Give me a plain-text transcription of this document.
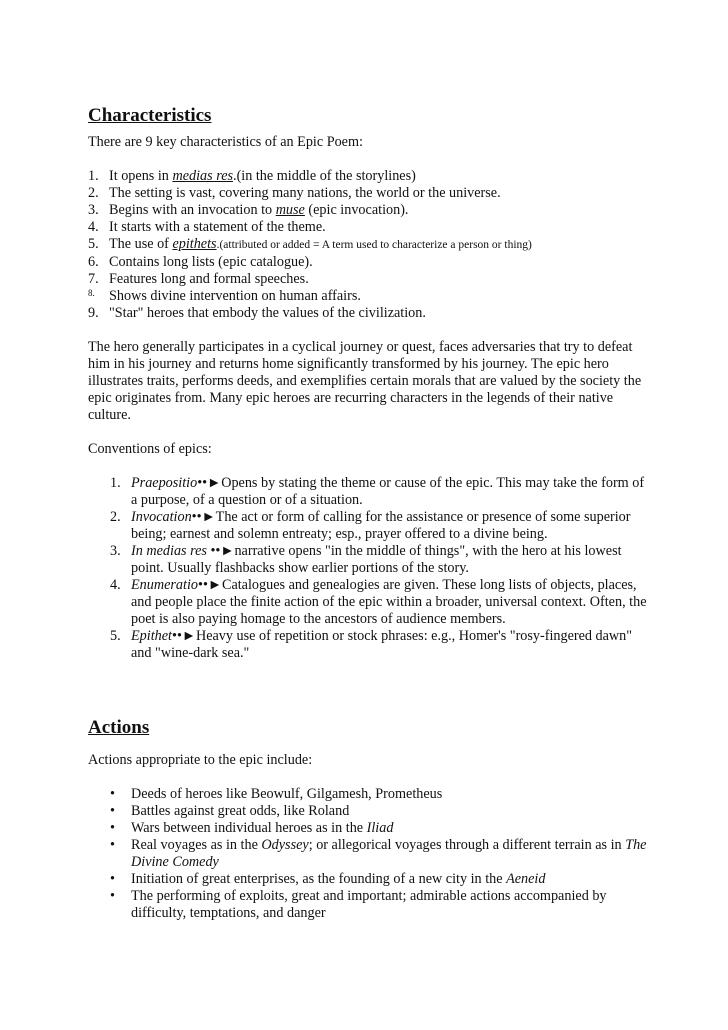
Characteristics

There are 9 key characteristics of an Epic Poem:

1. It opens in medias res.(in the middle of the storylines)
2. The setting is vast, covering many nations, the world or the universe.
3. Begins with an invocation to muse (epic invocation).
4. It starts with a statement of the theme.
5. The use of epithets.(attributed or added = A term used to characterize a person or thing)
6. Contains long lists (epic catalogue).
7. Features long and formal speeches.
8.	Shows divine intervention on human affairs.
9. "Star" heroes that embody the values of the civilization.

The hero generally participates in a cyclical journey or quest, faces adversaries that try to defeat him in his journey and returns home significantly transformed by his journey. The epic hero illustrates traits, performs deeds, and exemplifies certain morals that are valued by the society the epic originates from. Many epic heroes are recurring characters in the legends of their native culture.

Conventions of epics:

1. Praepositio••►Opens by stating the theme or cause of the epic. This may take the form of a purpose, of a question or of a situation.
2. Invocation••►The act or form of calling for the assistance or presence of some superior being; earnest and solemn entreaty; esp., prayer offered to a divine being.
3. In medias res ••►narrative opens "in the middle of things", with the hero at his lowest point. Usually flashbacks show earlier portions of the story.
4. Enumeratio••►Catalogues and genealogies are given. These long lists of objects, places, and people place the finite action of the epic within a broader, universal context. Often, the poet is also paying homage to the ancestors of audience members.
5. Epithet••►Heavy use of repetition or stock phrases: e.g., Homer's "rosy-fingered dawn" and "wine-dark sea."
Actions

Actions appropriate to the epic include:

•	Deeds of heroes like Beowulf, Gilgamesh, Prometheus
•	Battles against great odds, like Roland
•	Wars between individual heroes as in the Iliad
•	Real voyages as in the Odyssey; or allegorical voyages through a different terrain as in The Divine Comedy
•	Initiation of great enterprises, as the founding of a new city in the Aeneid
•	The performing of exploits, great and important; admirable actions accompanied by difficulty, temptations, and danger
